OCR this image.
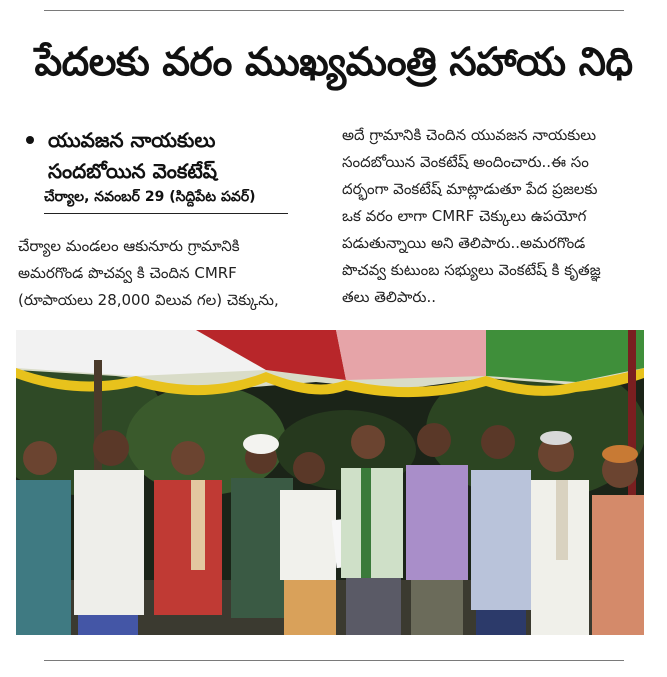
పేదలకు వరం ముఖ్యమంత్రి సహాయ నిధి
యువజన నాయకులు
సందబోయిన వెంకటేష్
చేర్యాల, నవంబర్ 29 (సిద్దిపేట పవర్)
చేర్యాల మండలం ఆకునూరు గ్రామానికి
అమరగొండ పొచవ్వ కి చెందిన CMRF
(రూపాయలు 28,000 విలువ గల) చెక్కును,
అదే గ్రామానికి చెందిన యువజన నాయకులు
సందబోయిన వెంకటేష్ అందించారు..ఈ సం
దర్భంగా వెంకటేష్ మాట్లాడుతూ పేద ప్రజలకు
ఒక వరం లాగా CMRF చెక్కులు ఉపయోగ
పడుతున్నాయి అని తెలిపారు..అమరగొండ
పొచవ్వ కుటుంబ సభ్యులు వెంకటేష్ కి కృతజ్ఞ
తలు తెలిపారు..
